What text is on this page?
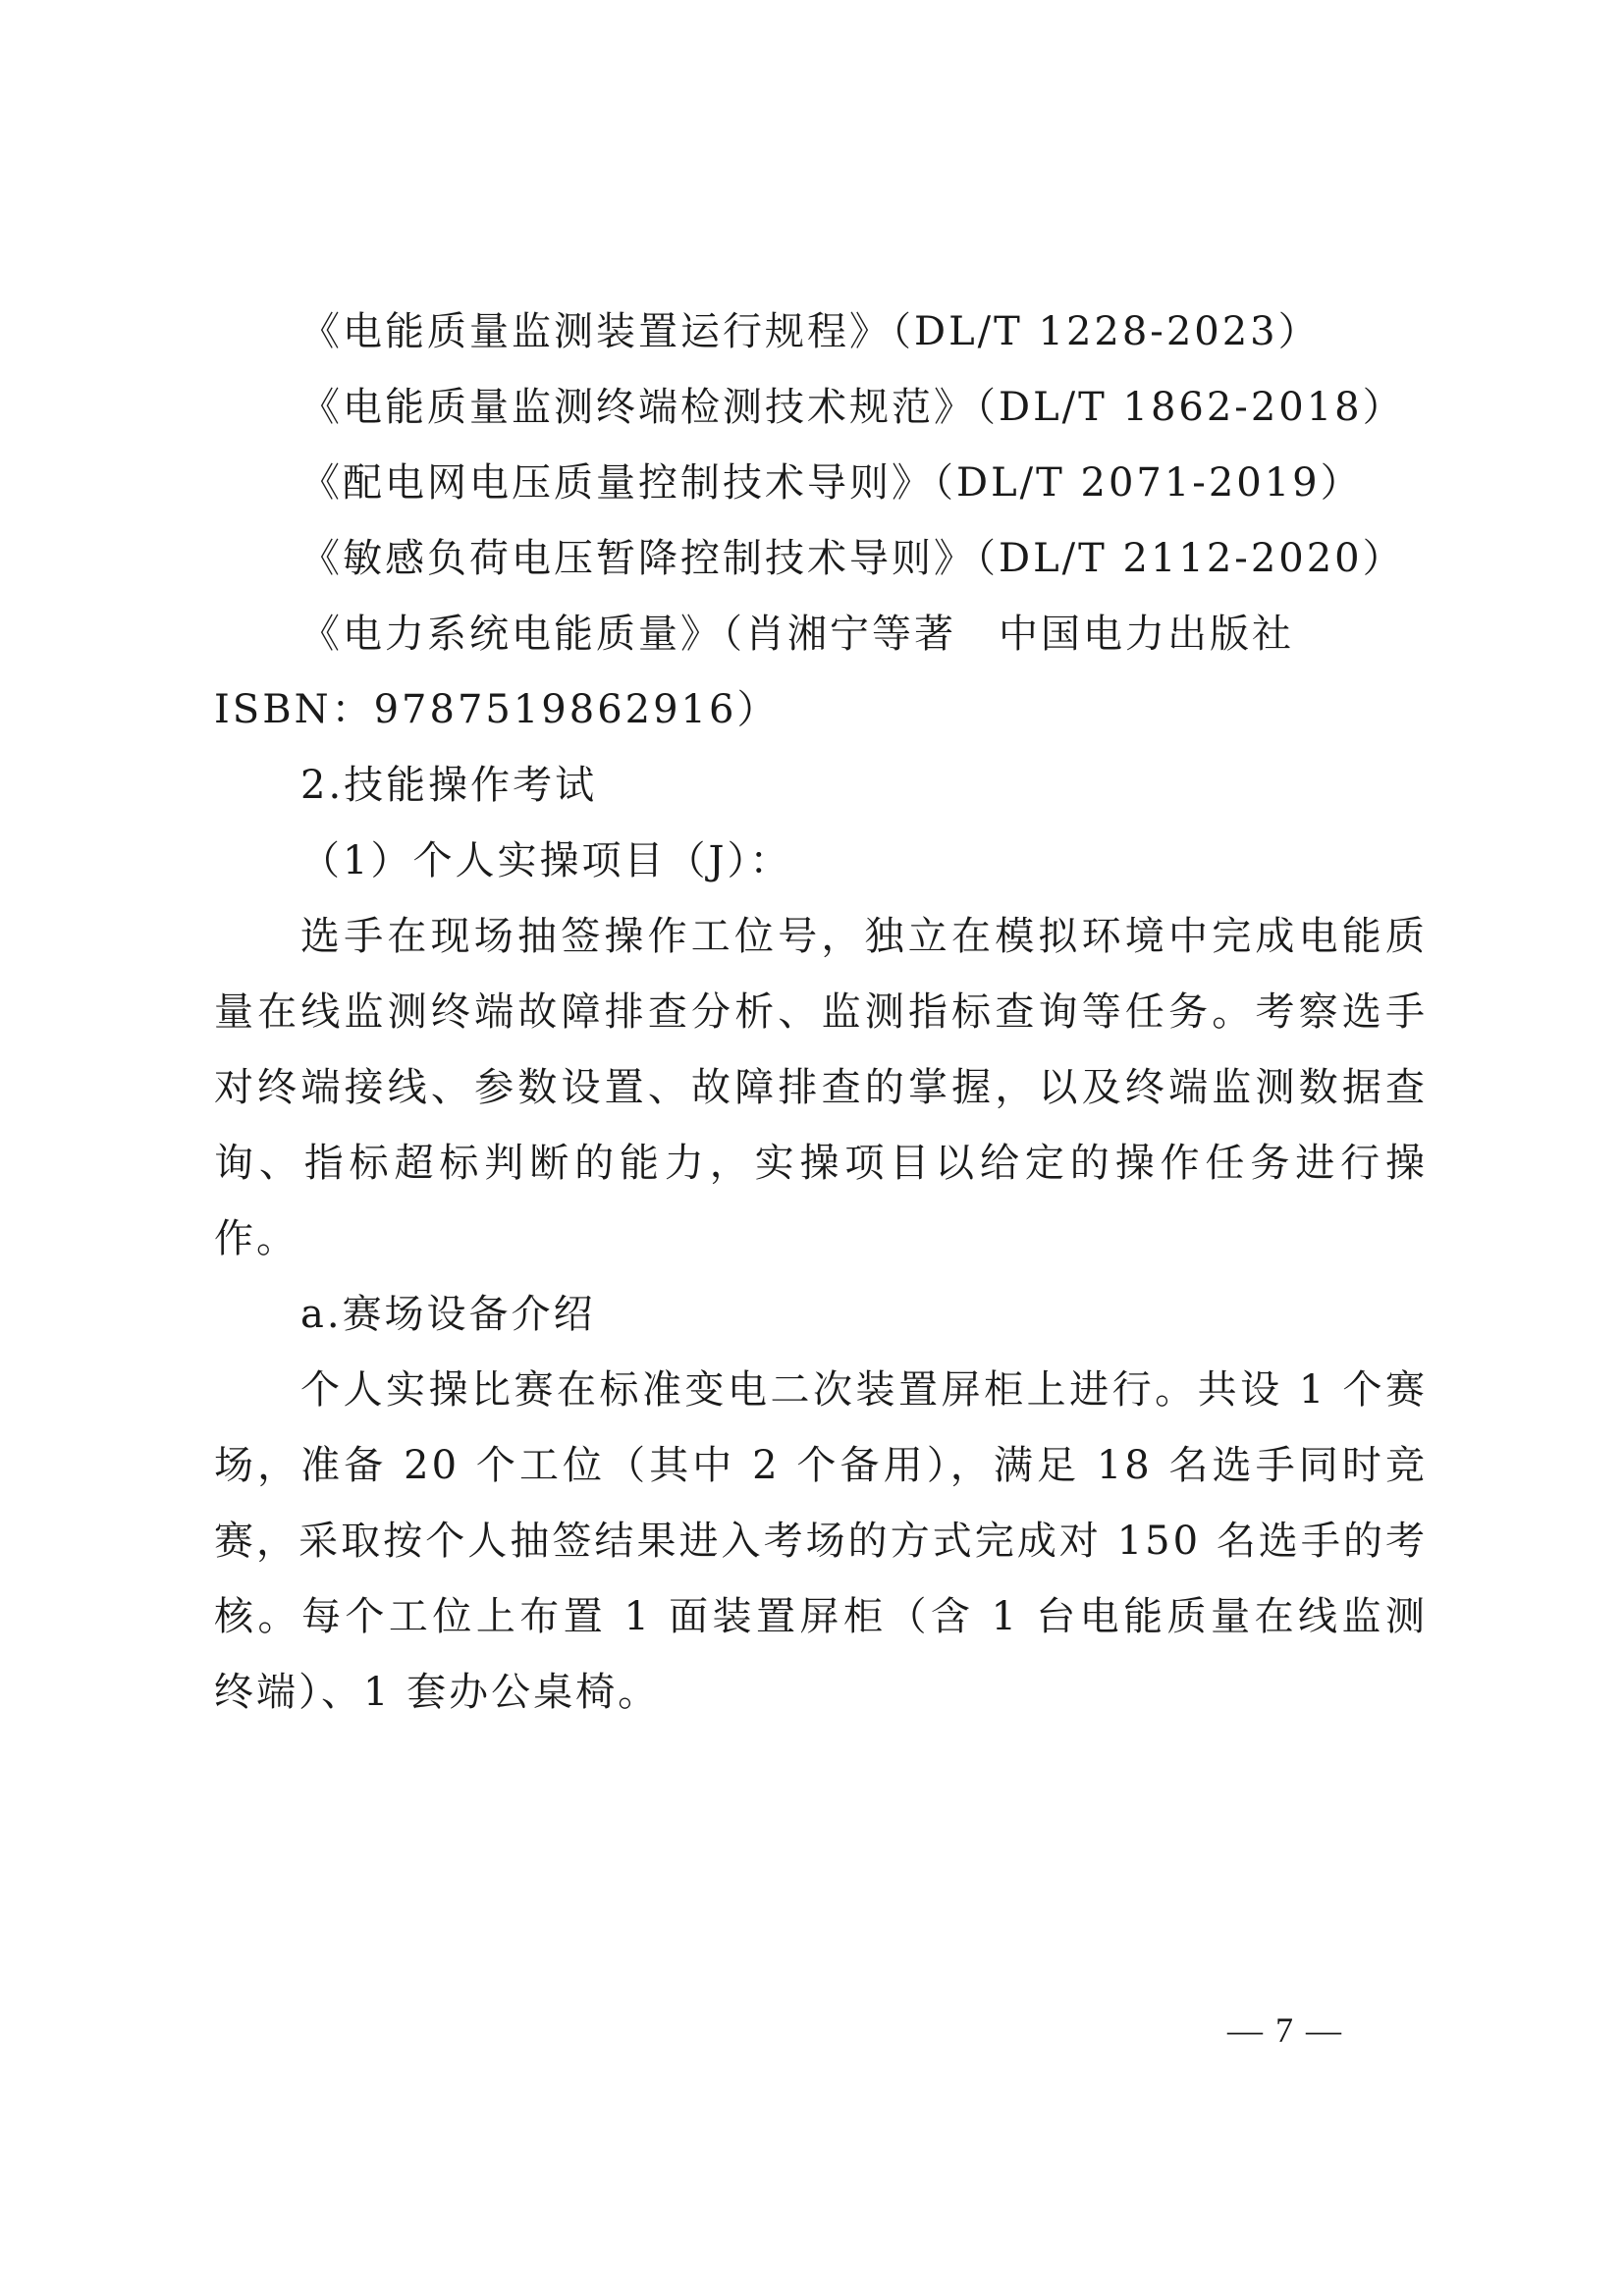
《电能质量监测装置运行规程》（DL/T 1228-2023）
《电能质量监测终端检测技术规范》（DL/T 1862-2018）
《配电网电压质量控制技术导则》（DL/T 2071-2019）
《敏感负荷电压暂降控制技术导则》（DL/T 2112-2020）
《电力系统电能质量》（肖湘宁等著　中国电力出版社
ISBN：9787519862916）
2.技能操作考试
（1）个人实操项目（J）：

选手在现场抽签操作工位号，独立在模拟环境中完成电能质量在线监测终端故障排查分析、监测指标查询等任务。考察选手对终端接线、参数设置、故障排查的掌握，以及终端监测数据查询、指标超标判断的能力，实操项目以给定的操作任务进行操作。

a.赛场设备介绍

个人实操比赛在标准变电二次装置屏柜上进行。共设 1 个赛场，准备 20 个工位（其中 2 个备用），满足 18 名选手同时竞赛，采取按个人抽签结果进入考场的方式完成对 150 名选手的考核。每个工位上布置 1 面装置屏柜（含 1 台电能质量在线监测终端）、1 套办公桌椅。

— 7 —
